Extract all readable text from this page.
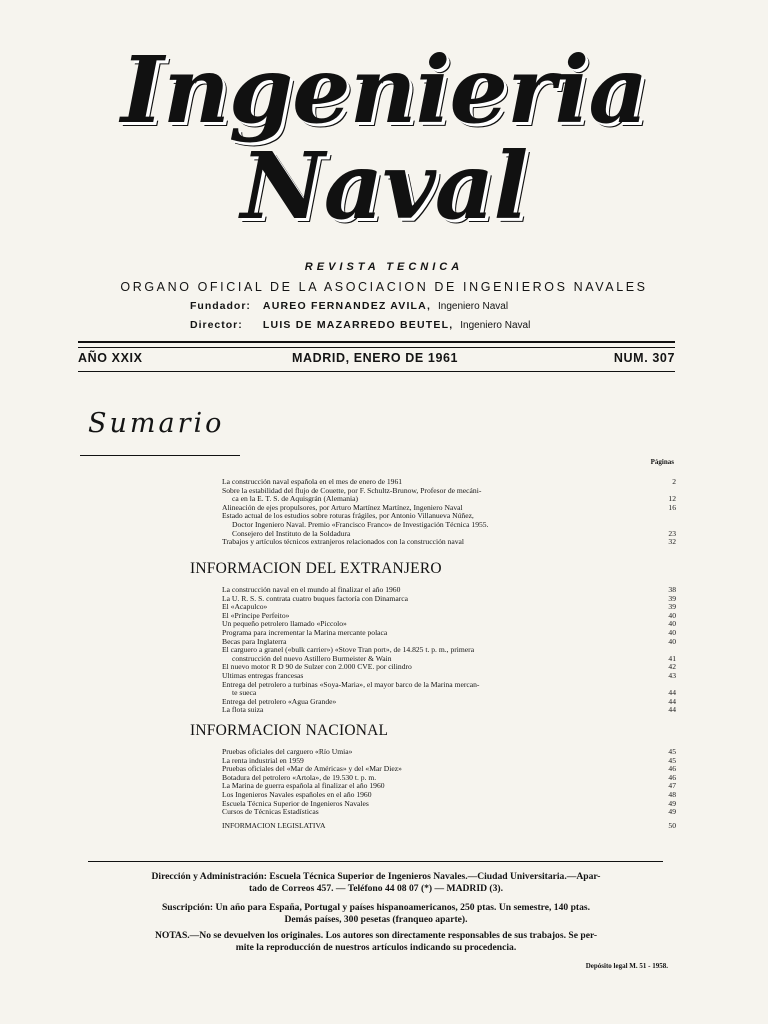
Ingenieria
Naval
REVISTA TECNICA
ORGANO OFICIAL DE LA ASOCIACION DE INGENIEROS NAVALES
Fundador: AUREO FERNANDEZ AVILA, Ingeniero Naval
Director: LUIS DE MAZARREDO BEUTEL, Ingeniero Naval
AÑO XXIX	MADRID, ENERO DE 1961	NUM. 307
Sumario
Páginas
La construcción naval española en el mes de enero de 1961	2
Sobre la estabilidad del flujo de Couette, por F. Schultz-Brunow, Profesor de mecáni-
ca en la E. T. S. de Aquisgrán (Alemania)	12
Alineación de ejes propulsores, por Arturo Martínez Martínez, Ingeniero Naval	16
Estado actual de los estudios sobre roturas frágiles, por Antonio Villanueva Núñez,
Doctor Ingeniero Naval. Premio «Francisco Franco» de Investigación Técnica 1955.
Consejero del Instituto de la Soldadura	23
Trabajos y artículos técnicos extranjeros relacionados con la construcción naval	32
INFORMACION DEL EXTRANJERO
La construcción naval en el mundo al finalizar el año 1960	38
La U. R. S. S. contrata cuatro buques factoría con Dinamarca	39
El «Acapulco»	39
El «Príncipe Perfeito»	40
Un pequeño petrolero llamado «Piccolo»	40
Programa para incrementar la Marina mercante polaca	40
Becas para Inglaterra	40
El carguero a granel («bulk carrier») «Stove Tran port», de 14.825 t. p. m., primera
construcción del nuevo Astillero Burmeister & Wain	41
El nuevo motor R D 90 de Sulzer con 2.000 CVE. por cilindro	42
Ultimas entregas francesas	43
Entrega del petrolero a turbinas «Soya-Maria», el mayor barco de la Marina mercan-
te sueca	44
Entrega del petrolero «Agua Grande»	44
La flota suiza	44
INFORMACION NACIONAL
Pruebas oficiales del carguero «Río Umia»	45
La renta industrial en 1959	45
Pruebas oficiales del «Mar de Américas» y del «Mar Diez»	46
Botadura del petrolero «Artola», de 19.530 t. p. m.	46
La Marina de guerra española al finalizar el año 1960	47
Los Ingenieros Navales españoles en el año 1960	48
Escuela Técnica Superior de Ingenieros Navales	49
Cursos de Técnicas Estadísticas	49
INFORMACION LEGISLATIVA	50
Dirección y Administración: Escuela Técnica Superior de Ingenieros Navales.—Ciudad Universitaria.—Apar-
tado de Correos 457. — Teléfono 44 08 07 (*) — MADRID (3).
Suscripción: Un año para España, Portugal y países hispanoamericanos, 250 ptas. Un semestre, 140 ptas.
Demás países, 300 pesetas (franqueo aparte).
NOTAS.—No se devuelven los originales. Los autores son directamente responsables de sus trabajos. Se per-
mite la reproducción de nuestros artículos indicando su procedencia.
Depósito legal M. 51 - 1958.
